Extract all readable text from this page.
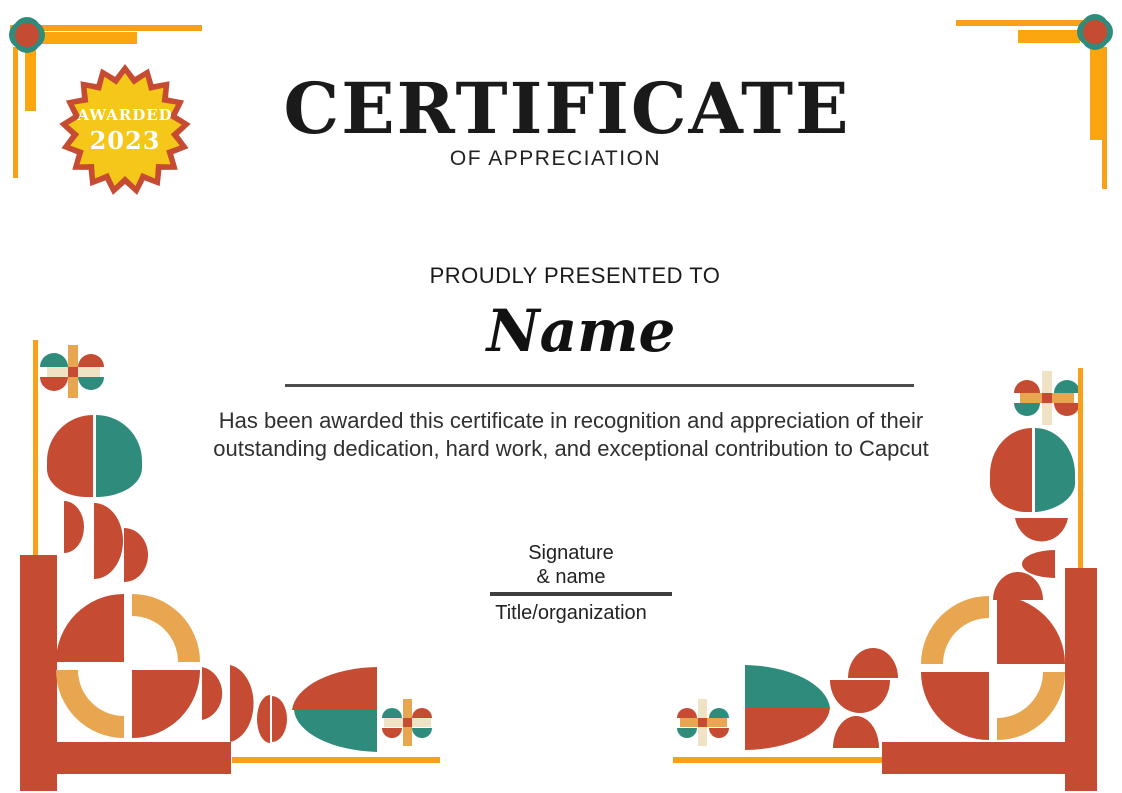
AWARDED
2023	CERTIFICATE
OF APPRECIATION
PROUDLY PRESENTED TO
Name
Has been awarded this certificate in recognition and appreciation of their
outstanding dedication, hard work, and exceptional contribution to Capcut
Signature
& name
Title/organization
